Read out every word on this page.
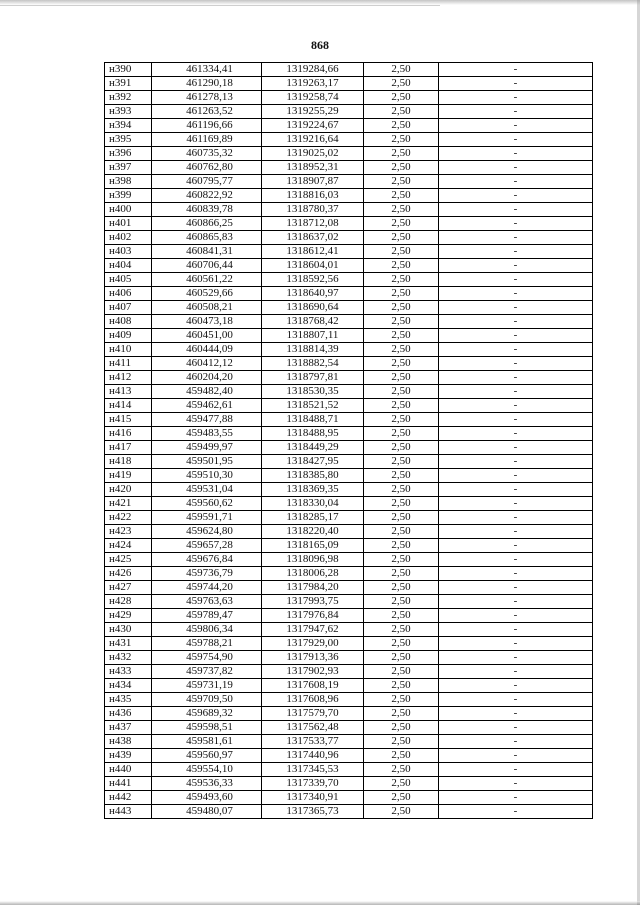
868
н390	461334,41	1319284,66	2,50	-
н391	461290,18	1319263,17	2,50	-
н392	461278,13	1319258,74	2,50	-
н393	461263,52	1319255,29	2,50	-
н394	461196,66	1319224,67	2,50	-
н395	461169,89	1319216,64	2,50	-
н396	460735,32	1319025,02	2,50	-
н397	460762,80	1318952,31	2,50	-
н398	460795,77	1318907,87	2,50	-
н399	460822,92	1318816,03	2,50	-
н400	460839,78	1318780,37	2,50	-
н401	460866,25	1318712,08	2,50	-
н402	460865,83	1318637,02	2,50	-
н403	460841,31	1318612,41	2,50	-
н404	460706,44	1318604,01	2,50	-
н405	460561,22	1318592,56	2,50	-
н406	460529,66	1318640,97	2,50	-
н407	460508,21	1318690,64	2,50	-
н408	460473,18	1318768,42	2,50	-
н409	460451,00	1318807,11	2,50	-
н410	460444,09	1318814,39	2,50	-
н411	460412,12	1318882,54	2,50	-
н412	460204,20	1318797,81	2,50	-
н413	459482,40	1318530,35	2,50	-
н414	459462,61	1318521,52	2,50	-
н415	459477,88	1318488,71	2,50	-
н416	459483,55	1318488,95	2,50	-
н417	459499,97	1318449,29	2,50	-
н418	459501,95	1318427,95	2,50	-
н419	459510,30	1318385,80	2,50	-
н420	459531,04	1318369,35	2,50	-
н421	459560,62	1318330,04	2,50	-
н422	459591,71	1318285,17	2,50	-
н423	459624,80	1318220,40	2,50	-
н424	459657,28	1318165,09	2,50	-
н425	459676,84	1318096,98	2,50	-
н426	459736,79	1318006,28	2,50	-
н427	459744,20	1317984,20	2,50	-
н428	459763,63	1317993,75	2,50	-
н429	459789,47	1317976,84	2,50	-
н430	459806,34	1317947,62	2,50	-
н431	459788,21	1317929,00	2,50	-
н432	459754,90	1317913,36	2,50	-
н433	459737,82	1317902,93	2,50	-
н434	459731,19	1317608,19	2,50	-
н435	459709,50	1317608,96	2,50	-
н436	459689,32	1317579,70	2,50	-
н437	459598,51	1317562,48	2,50	-
н438	459581,61	1317533,77	2,50	-
н439	459560,97	1317440,96	2,50	-
н440	459554,10	1317345,53	2,50	-
н441	459536,33	1317339,70	2,50	-
н442	459493,60	1317340,91	2,50	-
н443	459480,07	1317365,73	2,50	-
